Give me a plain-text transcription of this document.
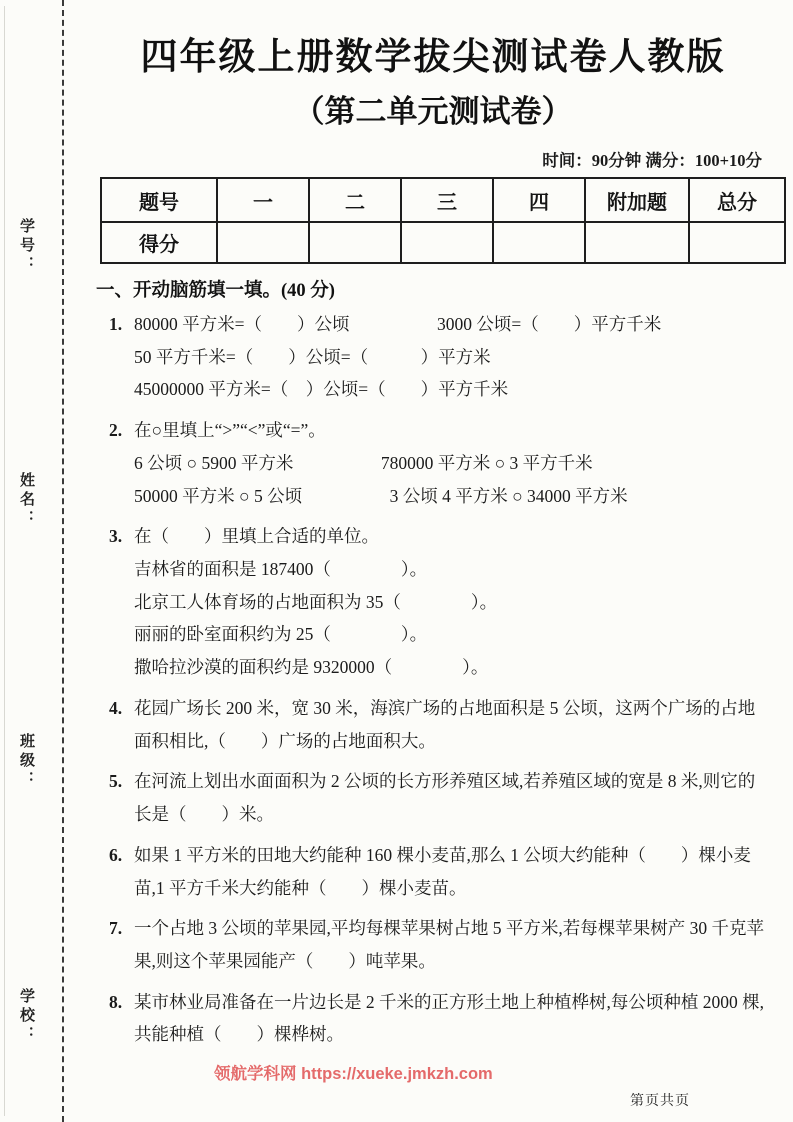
学号：
姓名：
班级：
学校：
四年级上册数学拔尖测试卷人教版
（第二单元测试卷）
时间：90分钟 满分：100+10分
题号	一	二	三	四	附加题	总分
得分						
一、开动脑筋填一填。(40 分)
1. 80000 平方米=（　　）公顷　　　　　3000 公顷=（　　）平方千米
50 平方千米=（　　）公顷=（　　　）平方米
45000000 平方米=（　）公顷=（　　）平方千米
2. 在○里填上“>”“<”或“=”。
6 公顷 ○ 5900 平方米　　　　　780000 平方米 ○ 3 平方千米
50000 平方米 ○ 5 公顷　　　　　3 公顷 4 平方米 ○ 34000 平方米
3. 在（　　）里填上合适的单位。
吉林省的面积是 187400（　　　　）。
北京工人体育场的占地面积为 35（　　　　）。
丽丽的卧室面积约为 25（　　　　）。
撒哈拉沙漠的面积约是 9320000（　　　　）。
4. 花园广场长 200 米，宽 30 米，海滨广场的占地面积是 5 公顷，这两个广场的占地面积相比,（　　）广场的占地面积大。
5. 在河流上划出水面面积为 2 公顷的长方形养殖区域,若养殖区域的宽是 8 米,则它的长是（　　）米。
6. 如果 1 平方米的田地大约能种 160 棵小麦苗,那么 1 公顷大约能种（　　）棵小麦苗,1 平方千米大约能种（　　）棵小麦苗。
7. 一个占地 3 公顷的苹果园,平均每棵苹果树占地 5 平方米,若每棵苹果树产 30 千克苹果,则这个苹果园能产（　　）吨苹果。
8. 某市林业局准备在一片边长是 2 千米的正方形土地上种植桦树,每公顷种植 2000 棵,共能种植（　　）棵桦树。
领航学科网 https://xueke.jmkzh.com
第页共页
